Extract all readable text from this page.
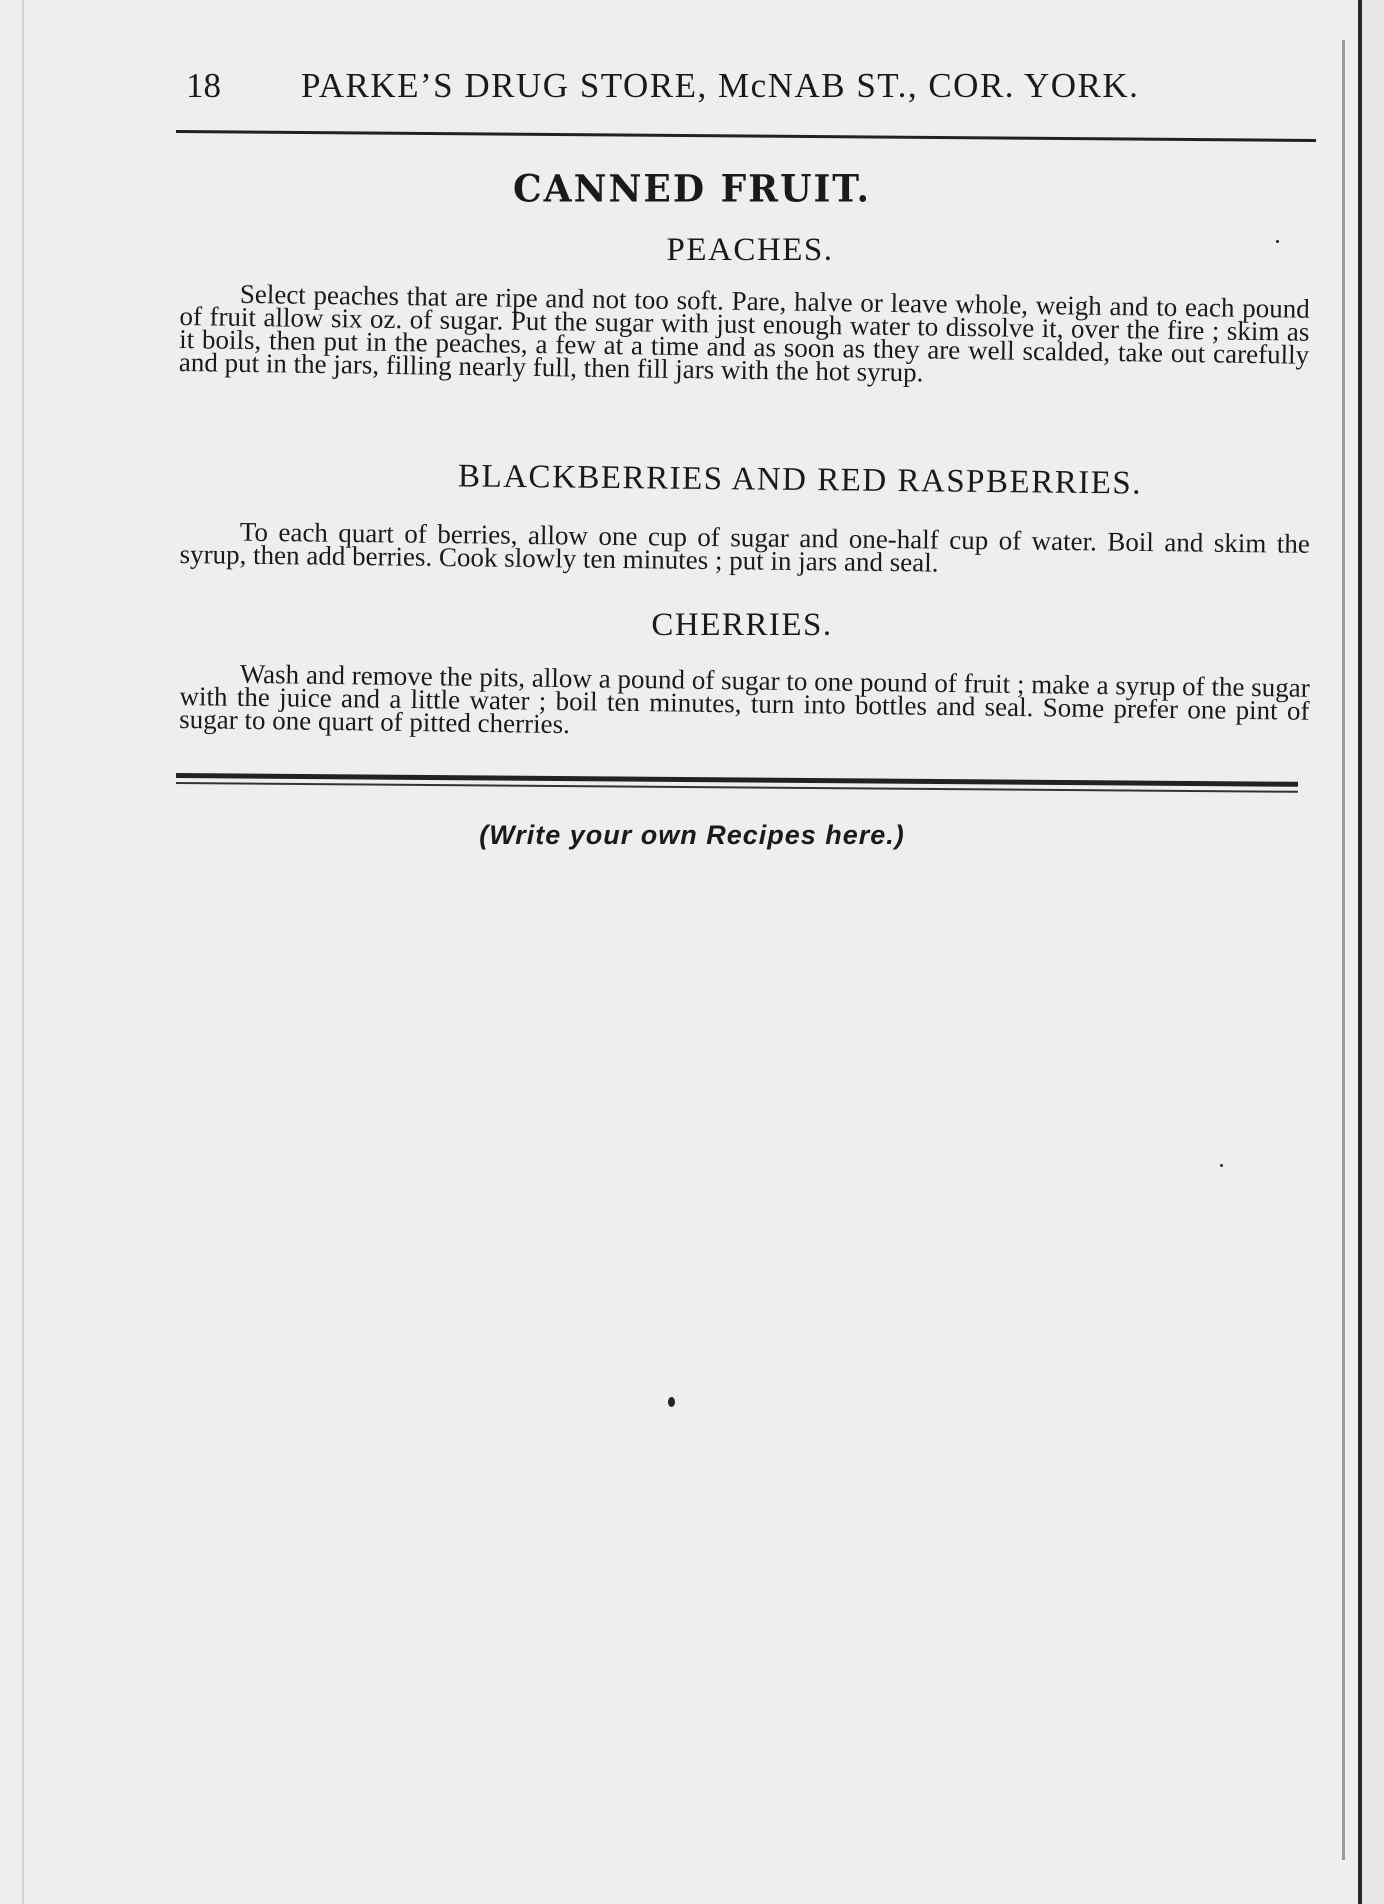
18 PARKE’S DRUG STORE, McNAB ST., COR. YORK.
CANNED FRUIT.
PEACHES.

Select peaches that are ripe and not too soft. Pare, halve or leave whole, weigh and to each pound of fruit allow six oz. of sugar. Put the sugar with just enough water to dissolve it, over the fire ; skim as it boils, then put in the peaches, a few at a time and as soon as they are well scalded, take out carefully and put in the jars, filling nearly full, then fill jars with the hot syrup.

BLACKBERRIES AND RED RASPBERRIES.

To each quart of berries, allow one cup of sugar and one-half cup of water. Boil and skim the syrup, then add berries. Cook slowly ten minutes ; put in jars and seal.

CHERRIES.

Wash and remove the pits, allow a pound of sugar to one pound of fruit ; make a syrup of the sugar with the juice and a little water ; boil ten minutes, turn into bottles and seal. Some prefer one pint of sugar to one quart of pitted cherries.

(Write your own Recipes here.)
